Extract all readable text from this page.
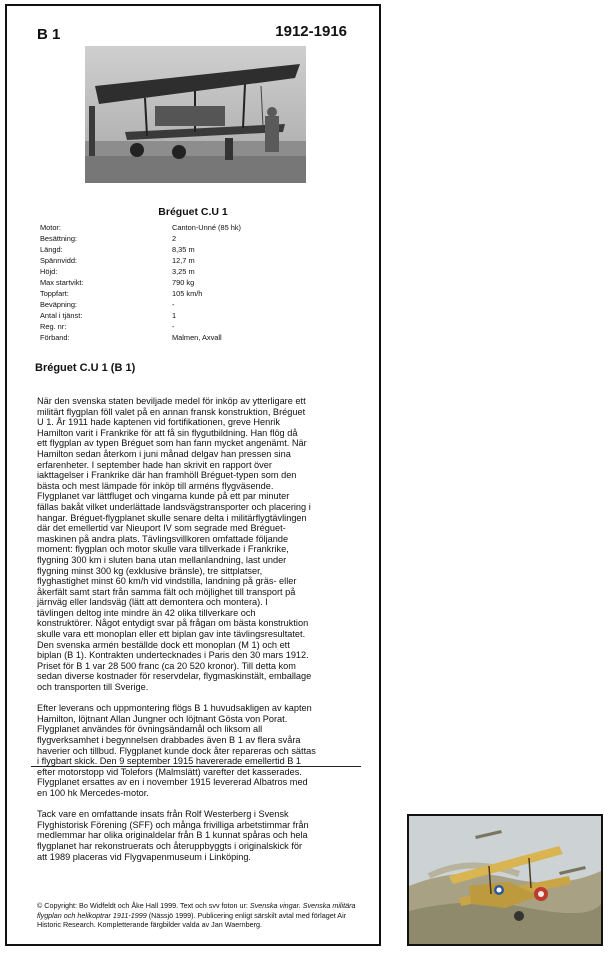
B 1	1912-1916
Bréguet C.U 1
Motor:	Canton-Unné (85 hk)
Besättning:	2
Längd:	8,35 m
Spännvidd:	12,7 m
Höjd:	3,25 m
Max startvikt:	790 kg
Toppfart:	105 km/h
Beväpning:	-
Antal i tjänst:	1
Reg. nr:	-
Förband:	Malmen, Axvall
Bréguet C.U 1 (B 1)

När den svenska staten beviljade medel för inköp av ytterligare ett
militärt flygplan föll valet på en annan fransk konstruktion, Bréguet
U 1. År 1911 hade kaptenen vid fortifikationen, greve Henrik
Hamilton varit i Frankrike för att få sin flygutbildning. Han flög då
ett flygplan av typen Bréguet som han fann mycket angenämt. När
Hamilton sedan återkom i juni månad delgav han pressen sina
erfarenheter. I september hade han skrivit en rapport över
iakttagelser i Frankrike där han framhöll Bréguet-typen som den
bästa och mest lämpade för inköp till arméns flygväsende.
Flygplanet var lättfluget och vingarna kunde på ett par minuter
fällas bakåt vilket underlättade landsvägstransporter och placering i
hangar. Bréguet-flygplanet skulle senare delta i militärflygtävlingen
där det emellertid var Nieuport IV som segrade med Bréguet-
maskinen på andra plats. Tävlingsvillkoren omfattade följande
moment: flygplan och motor skulle vara tillverkade i Frankrike,
flygning 300 km i sluten bana utan mellanlandning, last under
flygning minst 300 kg (exklusive bränsle), tre sittplatser,
flyghastighet minst 60 km/h vid vindstilla, landning på gräs- eller
åkerfält samt start från samma fält och möjlighet till transport på
järnväg eller landsväg (lätt att demontera och montera). I
tävlingen deltog inte mindre än 42 olika tillverkare och
konstruktörer. Något entydigt svar på frågan om bästa konstruktion
skulle vara ett monoplan eller ett biplan gav inte tävlingsresultatet.
Den svenska armén beställde dock ett monoplan (M 1) och ett
biplan (B 1). Kontrakten undertecknades i Paris den 30 mars 1912.
Priset för B 1 var 28 500 franc (ca 20 520 kronor). Till detta kom
sedan diverse kostnader för reservdelar, flygmaskinstält, emballage
och transporten till Sverige.

Efter leverans och uppmontering flögs B 1 huvudsakligen av kapten
Hamilton, löjtnant Allan Jungner och löjtnant Gösta von Porat.
Flygplanet användes för övningsändamål och liksom all
flygverksamhet i begynnelsen drabbades även B 1 av flera svåra
haverier och tillbud. Flygplanet kunde dock åter repareras och sättas
i flygbart skick. Den 9 september 1915 havererade emellertid B 1
efter motorstopp vid Tolefors (Malmslätt) varefter det kasserades.
Flygplanet ersattes av en i november 1915 levererad Albatros med
en 100 hk Mercedes-motor.

Tack vare en omfattande insats från Rolf Westerberg i Svensk
Flyghistorisk Förening (SFF) och många frivilliga arbetstimmar från
medlemmar har olika originaldelar från B 1 kunnat spåras och hela
flygplanet har rekonstruerats och återuppbyggts i originalskick för
att 1989 placeras vid Flygvapenmuseum i Linköping.

© Copyright: Bo Widfeldt och Åke Hall 1999. Text och svv foton ur: Svenska vingar. Svenska militära flygplan och helikoptrar 1911-1999 (Nässjö 1999). Publicering enligt särskilt avtal med förlaget Air Historic Research. Kompletterande färgbilder valda av Jan Waernberg.
